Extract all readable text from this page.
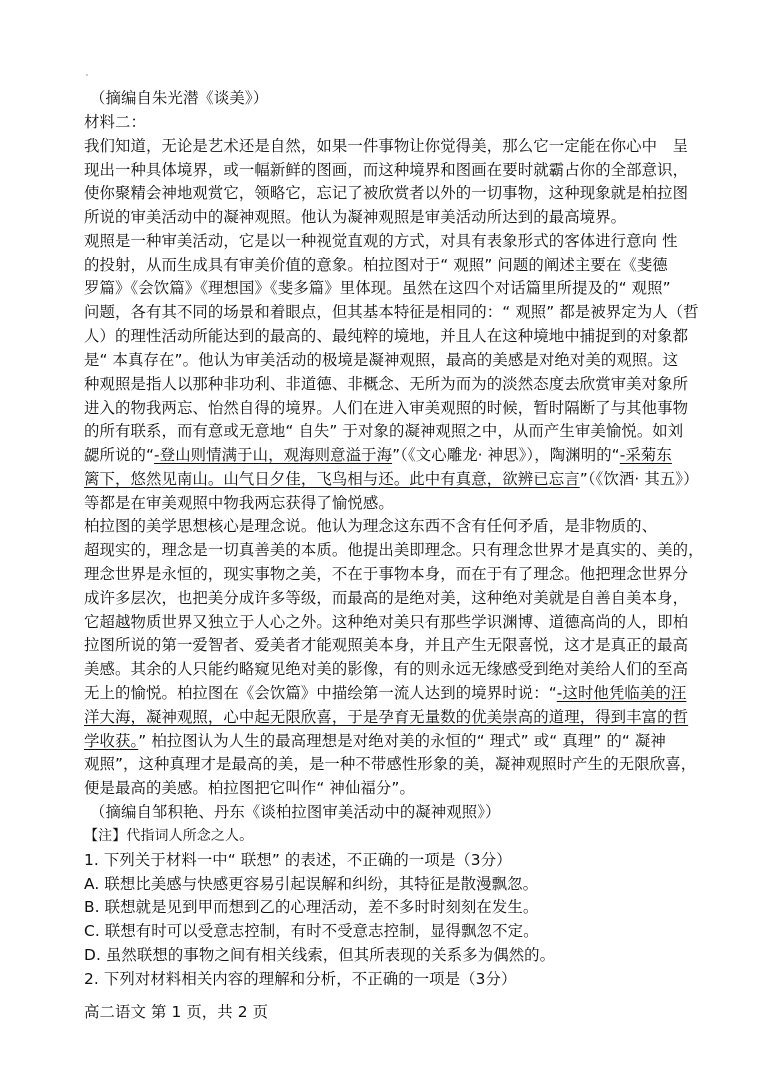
（摘编自朱光潜《谈美》）
材料二：
我们知道，无论是艺术还是自然，如果一件事物让你觉得美，那么它一定能在你心中　呈
现出一种具体境界，或一幅新鲜的图画，而这种境界和图画在要时就霸占你的全部意识，
使你聚精会神地观赏它，领略它，忘记了被欣赏者以外的一切事物，这种现象就是柏拉图
所说的审美活动中的凝神观照。他认为凝神观照是审美活动所达到的最高境界。
观照是一种审美活动，它是以一种视觉直观的方式，对具有表象形式的客体进行意向 性
的投射，从而生成具有审美价值的意象。柏拉图对于“ 观照” 问题的阐述主要在《斐德
罗篇》《会饮篇》《理想国》《斐多篇》里体现。虽然在这四个对话篇里所提及的“ 观照”
问题，各有其不同的场景和着眼点，但其基本特征是相同的：“ 观照” 都是被界定为人（哲
人）的理性活动所能达到的最高的、最纯粹的境地，并且人在这种境地中捕捉到的对象都
是“ 本真存在”。他认为审美活动的极境是凝神观照，最高的美感是对绝对美的观照。这
种观照是指人以那种非功利、非道德、非概念、无所为而为的淡然态度去欣赏审美对象所
进入的物我两忘、怡然自得的境界。人们在进入审美观照的时候，暂时隔断了与其他事物
的所有联系，而有意或无意地“ 自失” 于对象的凝神观照之中，从而产生审美愉悦。如刘
勰所说的“-登山则情满于山，观海则意溢于海”（《文心雕龙· 神思》），陶渊明的“-采菊东
篱下，悠然见南山。山气日夕佳，飞鸟相与还。此中有真意，欲辨已忘言”（《饮酒· 其五》）
等都是在审美观照中物我两忘获得了愉悦感。
柏拉图的美学思想核心是理念说。他认为理念这东西不含有任何矛盾，是非物质的、
超现实的，理念是一切真善美的本质。他提出美即理念。只有理念世界才是真实的、美的，
理念世界是永恒的，现实事物之美，不在于事物本身，而在于有了理念。他把理念世界分
成许多层次，也把美分成许多等级，而最高的是绝对美，这种绝对美就是自善自美本身，
它超越物质世界又独立于人心之外。这种绝对美只有那些学识渊博、道德高尚的人，即柏
拉图所说的第一爱智者、爱美者才能观照美本身，并且产生无限喜悦，这才是真正的最高
美感。其余的人只能约略窥见绝对美的影像，有的则永远无缘感受到绝对美给人们的至高
无上的愉悦。柏拉图在《会饮篇》中描绘第一流人达到的境界时说：“-这时他凭临美的汪
洋大海，凝神观照，心中起无限欣喜，于是孕育无量数的优美崇高的道理，得到丰富的哲
学收获。” 柏拉图认为人生的最高理想是对绝对美的永恒的“ 理式” 或“ 真理” 的“ 凝神
观照”，这种真理才是最高的美，是一种不带感性形象的美，凝神观照时产生的无限欣喜，
便是最高的美感。柏拉图把它叫作“ 神仙福分”。
（摘编自邹积艳、丹东《谈柏拉图审美活动中的凝神观照》）
【注】代指词人所念之人。
1. 下列关于材料一中“ 联想” 的表述，不正确的一项是（3分）
A. 联想比美感与快感更容易引起误解和纠纷，其特征是散漫飘忽。
B. 联想就是见到甲而想到乙的心理活动，差不多时时刻刻在发生。
C. 联想有时可以受意志控制，有时不受意志控制，显得飘忽不定。
D. 虽然联想的事物之间有相关线索，但其所表现的关系多为偶然的。
2. 下列对材料相关内容的理解和分析，不正确的一项是（3分）
高二语文 第 1 页，共 2 页
